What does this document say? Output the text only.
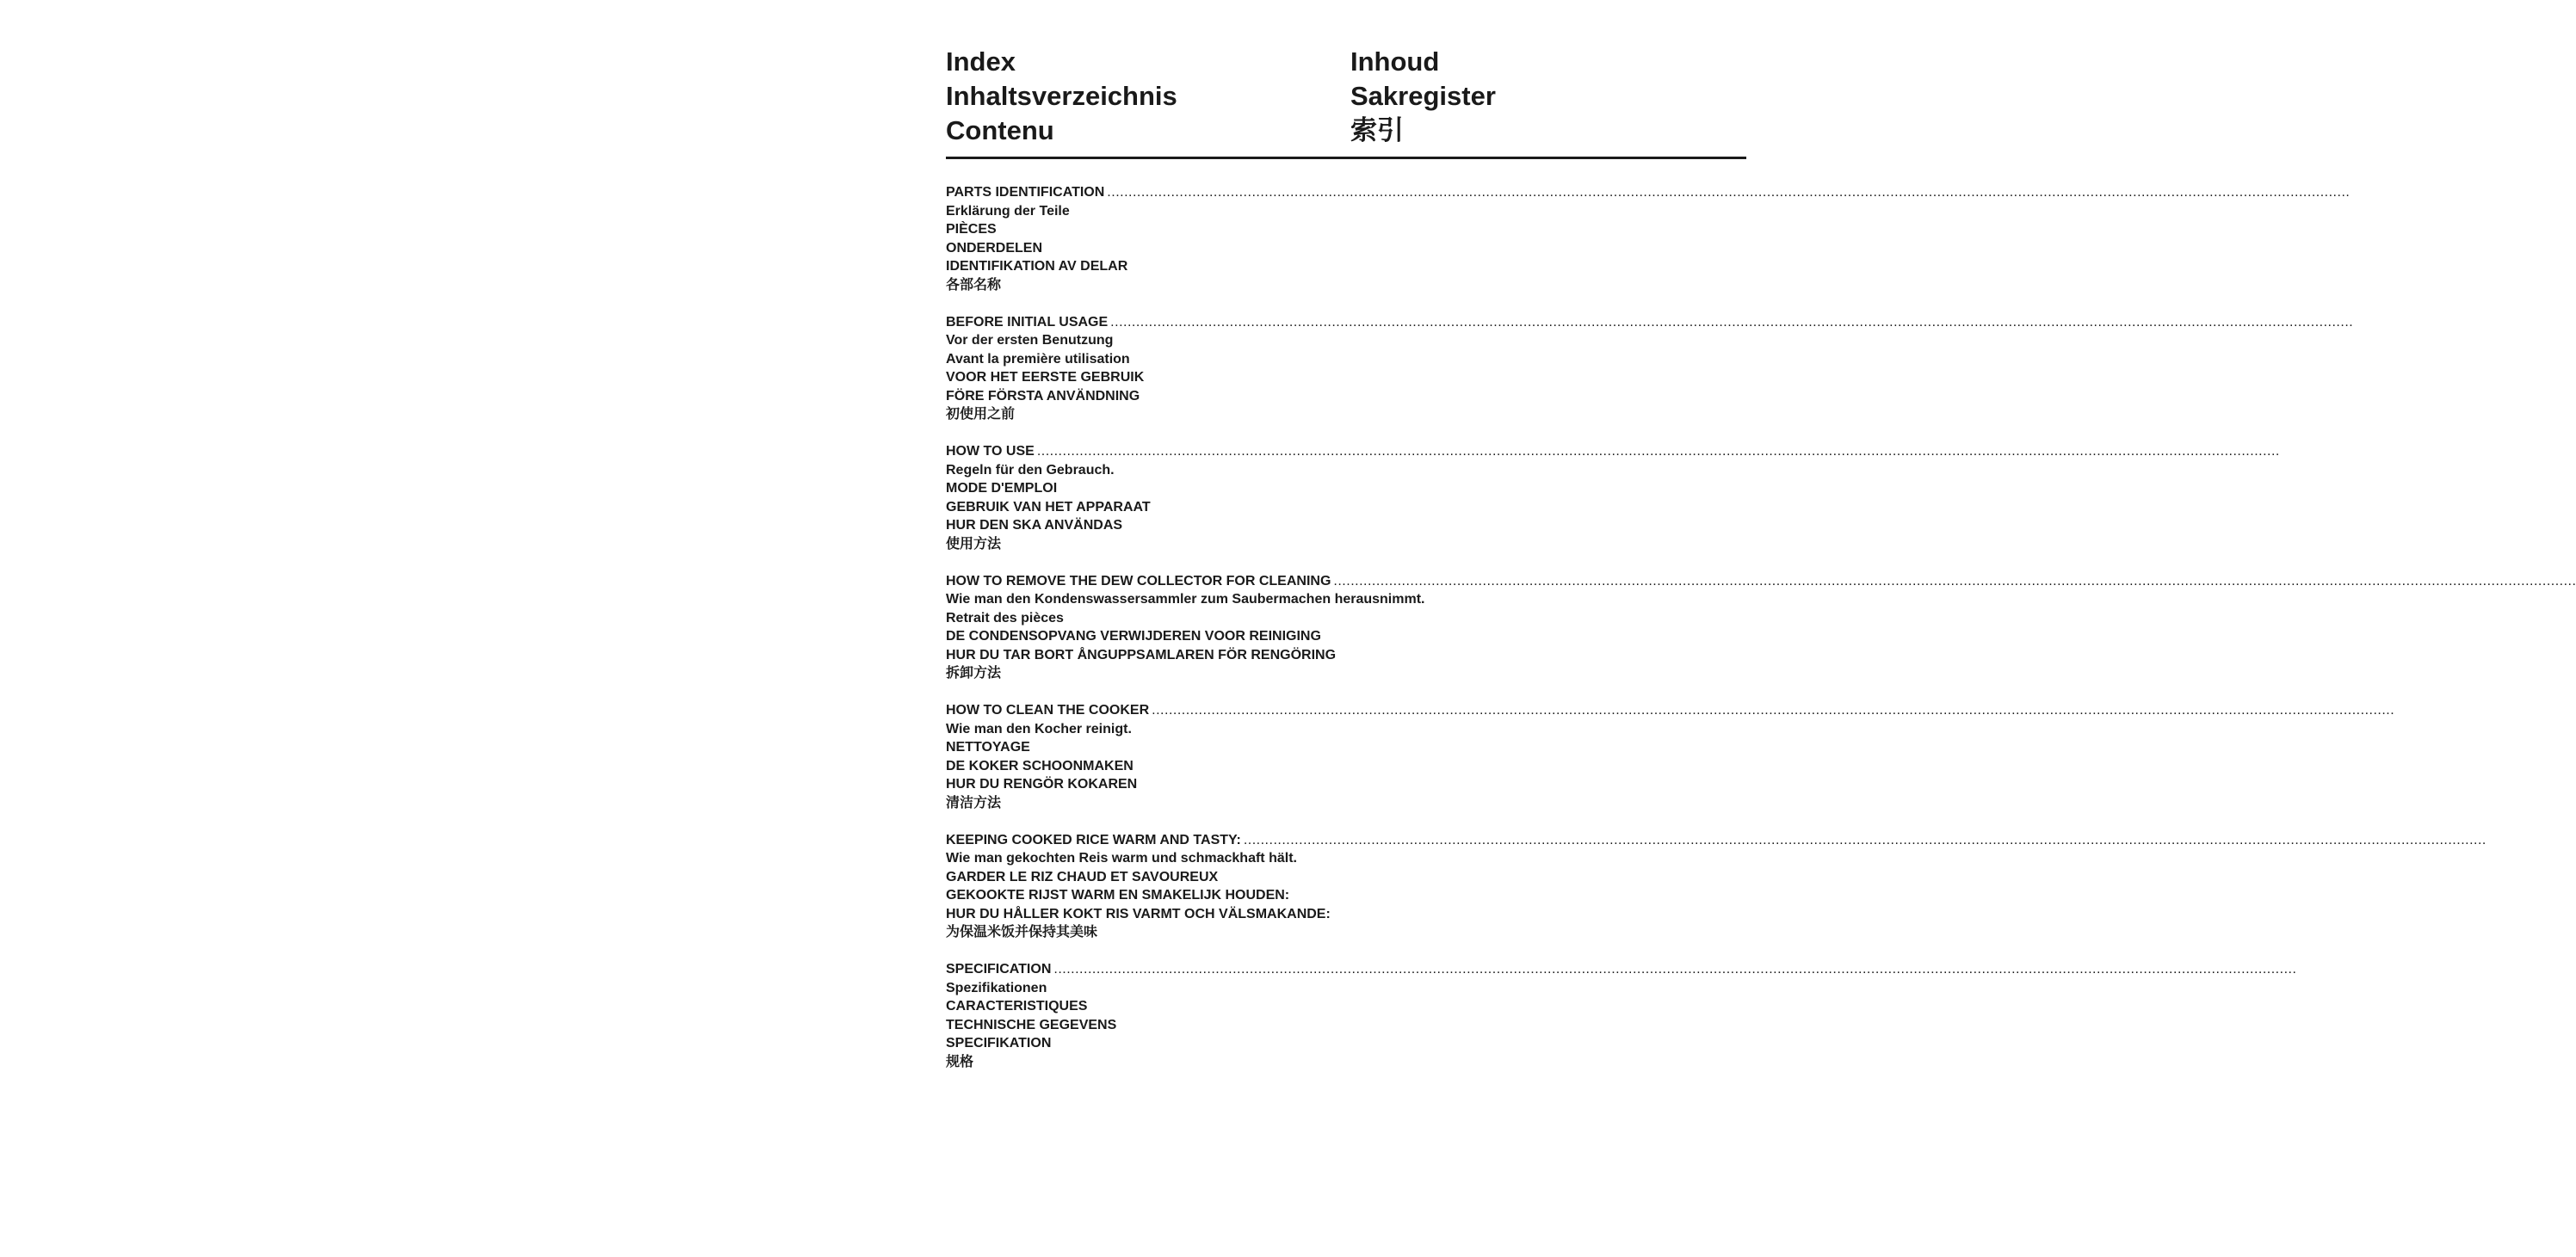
Index
Inhaltsverzeichnis
Contenu
Inhoud
Sakregister
索引
PARTS IDENTIFICATION ....................................................................................................................................................................................................................................................................................................
Erklärung der Teile
PIÈCES
ONDERDELEN
IDENTIFIKATION AV DELAR
各部名称
BEFORE INITIAL USAGE ....................................................................................................................................................................................................................................................................................................
Vor der ersten Benutzung
Avant la première utilisation
VOOR HET EERSTE GEBRUIK
FÖRE FÖRSTA ANVÄNDNING
初使用之前
HOW TO USE ....................................................................................................................................................................................................................................................................................................
Regeln für den Gebrauch.
MODE D'EMPLOI
GEBRUIK VAN HET APPARAAT
HUR DEN SKA ANVÄNDAS
使用方法
HOW TO REMOVE THE DEW COLLECTOR FOR CLEANING ....................................................................................................................................................................................................................................................................................................
Wie man den Kondenswassersammler zum Saubermachen herausnimmt.
Retrait des pièces
DE CONDENSOPVANG VERWIJDEREN VOOR REINIGING
HUR DU TAR BORT ÅNGUPPSAMLAREN FÖR RENGÖRING
拆卸方法
HOW TO CLEAN THE COOKER ....................................................................................................................................................................................................................................................................................................
Wie man den Kocher reinigt.
NETTOYAGE
DE KOKER SCHOONMAKEN
HUR DU RENGÖR KOKAREN
清洁方法
KEEPING COOKED RICE WARM AND TASTY: ....................................................................................................................................................................................................................................................................................................
Wie man gekochten Reis warm und schmackhaft hält.
GARDER LE RIZ CHAUD ET SAVOUREUX
GEKOOKTE RIJST WARM EN SMAKELIJK HOUDEN:
HUR DU HÅLLER KOKT RIS VARMT OCH VÄLSMAKANDE:
为保温米饭并保持其美味
SPECIFICATION ....................................................................................................................................................................................................................................................................................................
Spezifikationen
CARACTERISTIQUES
TECHNISCHE GEGEVENS
SPECIFIKATION
规格
